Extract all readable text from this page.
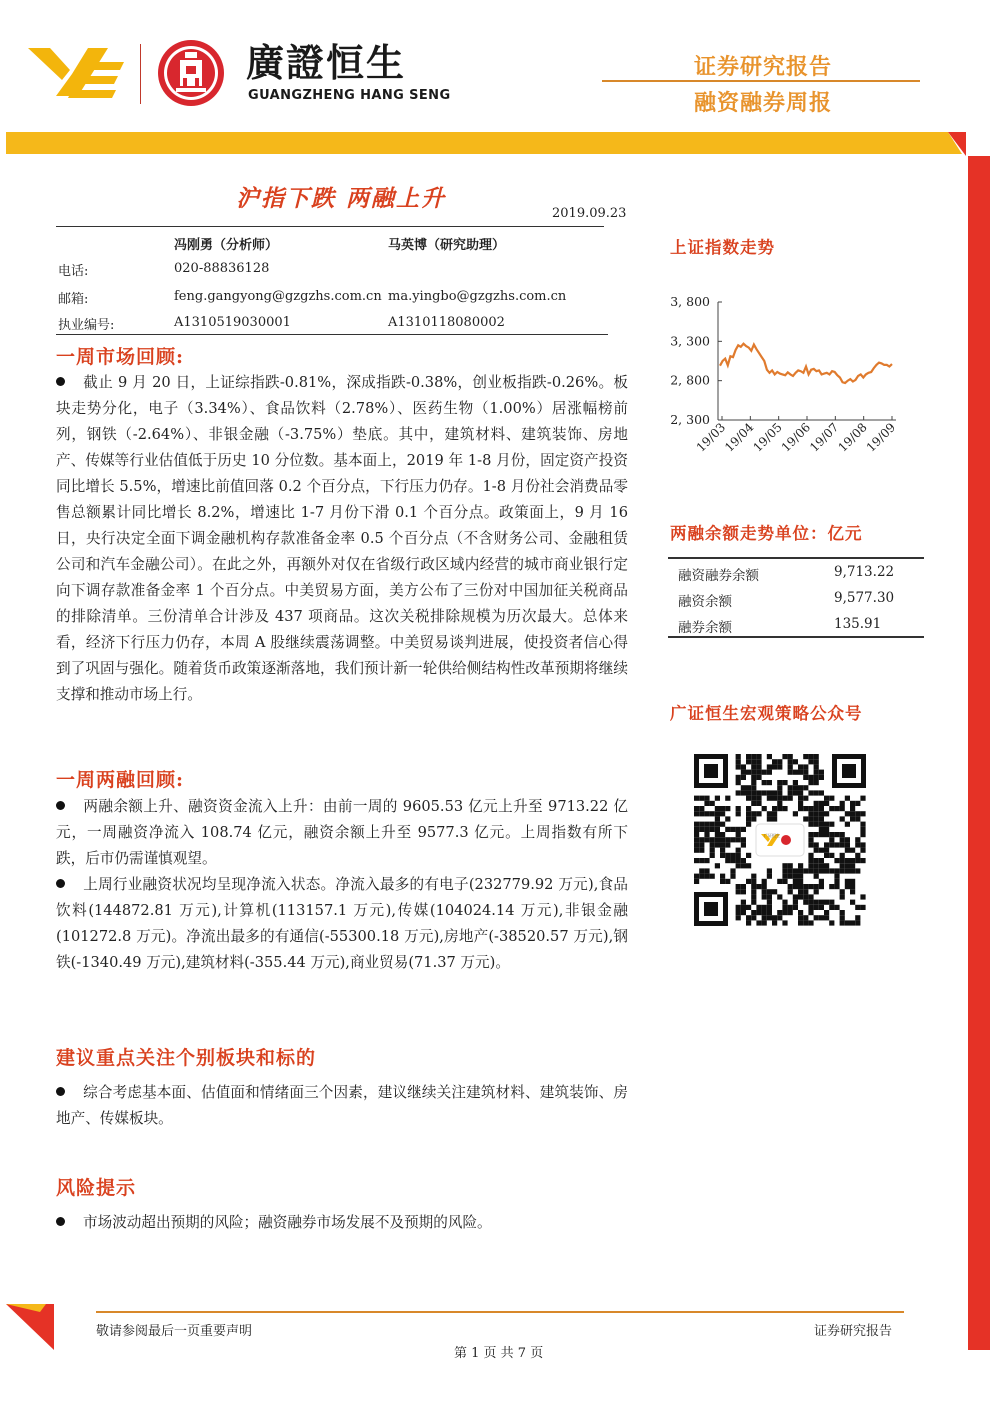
廣證恒生
GUANGZHENG HANG SENG
证券研究报告
融资融券周报
沪指下跌 两融上升
2019.09.23
冯刚勇（分析师）	马英博（研究助理）
电话:	020-88836128
邮箱:	feng.gangyong@gzgzhs.com.cn ma.yingbo@gzgzhs.com.cn
执业编号:	A1310519030001	A1310118080002
一周市场回顾:
截止 9 月 20 日，上证综指跌-0.81%，深成指跌-0.38%，创业板指跌-0.26%。板块走势分化，电子（3.34%）、食品饮料（2.78%）、医药生物（1.00%）居涨幅榜前列，钢铁（-2.64%）、非银金融（-3.75%）垫底。其中，建筑材料、建筑装饰、房地产、传媒等行业估值低于历史 10 分位数。基本面上，2019 年 1-8 月份，固定资产投资同比增长 5.5%，增速比前值回落 0.2 个百分点，下行压力仍存。1-8 月份社会消费品零售总额累计同比增长 8.2%，增速比 1-7 月份下滑 0.1 个百分点。政策面上，9 月 16 日，央行决定全面下调金融机构存款准备金率 0.5 个百分点（不含财务公司、金融租赁公司和汽车金融公司）。在此之外，再额外对仅在省级行政区域内经营的城市商业银行定向下调存款准备金率 1 个百分点。中美贸易方面，美方公布了三份对中国加征关税商品的排除清单。三份清单合计涉及 437 项商品。这次关税排除规模为历次最大。总体来看，经济下行压力仍存，本周 A 股继续震荡调整。中美贸易谈判进展，使投资者信心得到了巩固与强化。随着货币政策逐渐落地，我们预计新一轮供给侧结构性改革预期将继续支撑和推动市场上行。
一周两融回顾:
两融余额上升、融资资金流入上升：由前一周的 9605.53 亿元上升至 9713.22 亿元，一周融资净流入 108.74 亿元，融资余额上升至 9577.3 亿元。上周指数有所下跌，后市仍需谨慎观望。
上周行业融资状况均呈现净流入状态。净流入最多的有电子(232779.92 万元),食品饮料(144872.81 万元),计算机(113157.1 万元),传媒(104024.14 万元),非银金融(101272.8 万元)。净流出最多的有通信(-55300.18 万元),房地产(-38520.57 万元),钢铁(-1340.49 万元),建筑材料(-355.44 万元),商业贸易(71.37 万元)。
建议重点关注个别板块和标的
综合考虑基本面、估值面和情绪面三个因素，建议继续关注建筑材料、建筑装饰、房地产、传媒板块。
风险提示
市场波动超出预期的风险；融资融券市场发展不及预期的风险。
上证指数走势
2, 300
2, 800
3, 300
3, 800
19/03
19/04
19/05
19/06
19/07
19/08
19/09
两融余额走势单位：亿元
融资融券余额	9,713.22
融资余额	9,577.30
融券余额	135.91
广证恒生宏观策略公众号
广证恒生
敬请参阅最后一页重要声明	证券研究报告
第 1 页 共 7 页
